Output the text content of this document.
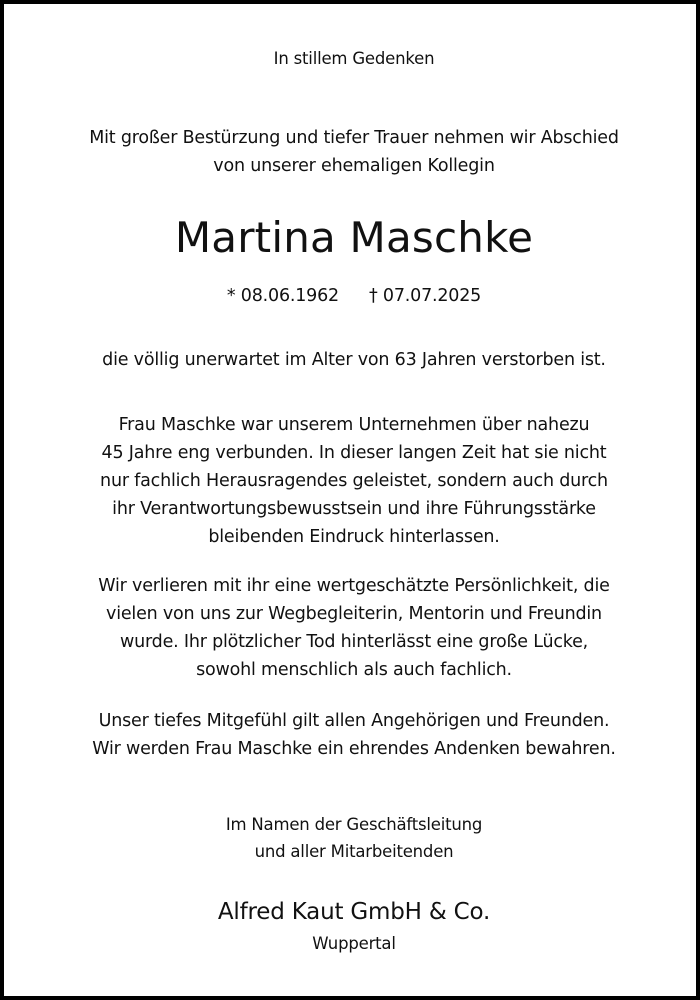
In stillem Gedenken
Mit großer Bestürzung und tiefer Trauer nehmen wir Abschied
von unserer ehemaligen Kollegin
Martina Maschke
* 08.06.1962 † 07.07.2025
die völlig unerwartet im Alter von 63 Jahren verstorben ist.
Frau Maschke war unserem Unternehmen über nahezu
45 Jahre eng verbunden. In dieser langen Zeit hat sie nicht
nur fachlich Herausragendes geleistet, sondern auch durch
ihr Verantwortungsbewusstsein und ihre Führungsstärke
bleibenden Eindruck hinterlassen.
Wir verlieren mit ihr eine wertgeschätzte Persönlichkeit, die
vielen von uns zur Wegbegleiterin, Mentorin und Freundin
wurde. Ihr plötzlicher Tod hinterlässt eine große Lücke,
sowohl menschlich als auch fachlich.
Unser tiefes Mitgefühl gilt allen Angehörigen und Freunden.
Wir werden Frau Maschke ein ehrendes Andenken bewahren.
Im Namen der Geschäftsleitung
und aller Mitarbeitenden
Alfred Kaut GmbH & Co.
Wuppertal
